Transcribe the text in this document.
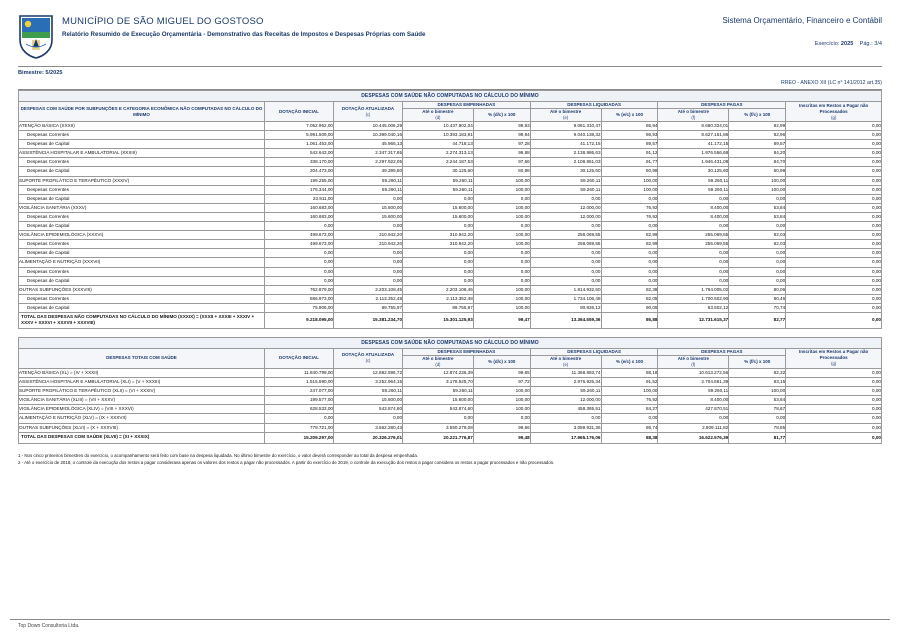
MUNICÍPIO DE SÃO MIGUEL DO GOSTOSO
Relatório Resumido de Execução Orçamentária - Demonstrativo das Receitas de Impostos e Despesas Próprias com Saúde
Sistema Orçamentário, Financeiro e Contábil
Exercício: 2025 Pág.: 3/4
Bimestre: 5/2025
RREO - ANEXO XII (LC n° 141/2012 art.35)
DESPESAS COM SAÚDE NÃO COMPUTADAS NO CÁLCULO DO MÍNIMO									
DESPESAS COM SAÚDE POR SUBFUNÇÕES E CATEGORIA ECONÔMICA NÃO COMPUTADAS NO CÁLCULO DO MÍNIMO	DOTAÇÃO INICIAL	DOTAÇÃO ATUALIZADA
(c)	DESPESAS EMPENHADAS		DESPESAS LIQUIDADAS		DESPESAS PAGAS		Inscritas em Restos a Pagar não Processados
(g)

			Até o bimestre
(d)	% (d/c) x 100	Até o bimestre
(e)	% (e/c) x 100	Até o bimestre
(f)	% (f/c) x 100	
ATENÇÃO BÁSICA (XXXII)	7.052.962,00	10.445.006,29	10.437.902,04	99,93	9.081.310,47	86,94	8.660.324,01	82,99	0,00
Despesas Correntes	5.991.509,00	10.399.040,16	10.393.183,91	99,94	9.040.138,32	86,93	8.627.151,86	82,96	0,00
Despesas de Capital	1.061.453,00	45.966,13	44.718,13	97,28	41.172,15	89,57	41.172,15	89,57	0,00
ASSISTÊNCIA HOSPITALAR E AMBULATORIAL (XXXIII)	542.643,00	2.347.317,65	2.274.313,13	96,88	2.138.986,63	91,12	1.976.556,68	84,20	0,00
Despesas Correntes	338.170,00	2.297.922,05	2.244.187,53	97,66	2.108.861,03	91,77	1.946.431,08	84,70	0,00
Despesas de Capital	204.473,00	49.395,60	30.125,60	60,98	30.125,60	60,98	30.125,60	60,98	0,00
SUPORTE PROFILÁTICO E TERAPÊUTICO (XXXIV)	199.255,00	59.260,11	59.260,11	100,00	59.260,11	100,00	59.260,11	100,00	0,00
Despesas Correntes	175.344,00	59.260,11	59.260,11	100,00	59.260,11	100,00	59.260,11	100,00	0,00
Despesas de Capital	23.911,00	0,00	0,00	0,00	0,00	0,00	0,00	0,00	0,00
VIGILÂNCIA SANITÁRIA (XXXV)	160.683,00	15.600,00	15.600,00	100,00	12.000,00	76,92	8.400,00	53,84	0,00
Despesas Correntes	160.683,00	15.600,00	15.600,00	100,00	12.000,00	76,92	8.400,00	53,84	0,00
Despesas de Capital	0,00	0,00	0,00	0,00	0,00	0,00	0,00	0,00	0,00
VIGILÂNCIA EPIDEMIOLÓGICA (XXXVI)	499.673,00	310.942,20	310.942,20	100,00	258.069,55	82,99	255.069,55	82,03	0,00
Despesas Correntes	499.673,00	310.942,20	310.942,20	100,00	258.069,55	82,99	255.069,55	82,03	0,00
Despesas de Capital	0,00	0,00	0,00	0,00	0,00	0,00	0,00	0,00	0,00
ALIMENTAÇÃO E NUTRIÇÃO (XXXVII)	0,00	0,00	0,00	0,00	0,00	0,00	0,00	0,00	0,00
Despesas Correntes	0,00	0,00	0,00	0,00	0,00	0,00	0,00	0,00	0,00
Despesas de Capital	0,00	0,00	0,00	0,00	0,00	0,00	0,00	0,00	0,00
OUTRAS SUBFUNÇÕES (XXXVIII)	762.879,00	2.203.108,45	2.203.108,45	100,00	1.814.932,60	82,38	1.764.005,02	80,06	0,00
Despesas Correntes	686.973,00	2.113.352,48	2.113.352,48	100,00	1.734.106,48	82,05	1.700.502,90	80,46	0,00
Despesas de Capital	75.906,00	89.755,97	89.755,97	100,00	80.826,12	90,05	63.502,12	70,74	0,00
TOTAL DAS DESPESAS NÃO COMPUTADAS NO CÁLCULO DO MÍNIMO (XXXIX) = (XXXII + XXXIII + XXXIV + XXXV + XXXVI + XXXVII + XXXVIII)	9.218.095,00	15.381.234,70	15.301.125,93	99,47	13.364.559,36	86,88	12.731.615,37	82,77	0,00
DESPESAS COM SAÚDE NÃO COMPUTADAS NO CÁLCULO DO MÍNIMO									
DESPESAS TOTAIS COM SAÚDE	DOTAÇÃO INICIAL	DOTAÇÃO ATUALIZADA
(c)	DESPESAS EMPENHADAS		DESPESAS LIQUIDADAS		DESPESAS PAGAS		Inscritas em Restos a Pagar não Processados
(g)

			Até o bimestre
(d)	% (d/c) x 100	Até o bimestre
(e)	% (e/c) x 100	Até o bimestre
(f)	% (f/c) x 100	
ATENÇÃO BÁSICA (XL) = (IV + XXXII)	11.840.799,00	12.882.596,72	12.874.236,39	99,65	11.368.893,74	88,18	10.613.272,56	82,32	0,00
ASSISTÊNCIA HOSPITALAR E AMBULATORIAL (XLI) = (V + XXXIII)	1.515.590,00	3.252.964,15	3.178.525,70	97,72	2.976.925,34	91,52	2.704.661,39	83,15	0,00
SUPORTE PROFILÁTICO E TERAPÊUTICO (XLII) = (VI + XXXIV)	247.077,00	59.260,11	59.260,11	100,00	59.260,11	100,00	59.260,11	100,00	0,00
VIGILÂNCIA SANITÁRIA (XLIII) = (VII + XXXV)	199.577,00	15.600,00	15.600,00	100,00	12.000,00	76,92	8.400,00	53,84	0,00
VIGILÂNCIA EPIDEMIOLÓGICA (XLIV) = (VIII + XXXVI)	628.533,00	543.874,60	543.874,60	100,00	458.365,51	84,27	427.870,51	78,67	0,00
ALIMENTAÇÃO E NUTRIÇÃO (XLV) = (IX + XXXVII)	0,00	0,00	0,00	0,00	0,00	0,00	0,00	0,00	0,00
OUTRAS SUBFUNÇÕES (XLVI) = (X + XXXVIII)	779.721,00	3.562.280,43	3.550.278,08	99,66	3.089.931,36	86,74	2.809.111,82	78,85	0,00
TOTAL DAS DESPESAS COM SAÚDE (XLVII) = (XI + XXXIX)	15.209.297,00	20.326.276,01	20.221.776,87	99,48	17.965.176,06	88,38	16.622.576,39	81,77	0,00
1 - Nos cinco primeiros bimestres do exercício, o acompanhamento será feito com base na despesa liquidada. No último bimestre do exercício, o valor deverá corresponder ao total da despesa empenhada.
2 - Até o exercício de 2018, o controle da execução dos restos a pagar considerava apenas os valores dos restos a pagar não processados. A partir do exercício de 2019, o controle da execução dos restos a pagar considera os restos a pagar processados e não processados.
Top Down Consultoria Ltda.
